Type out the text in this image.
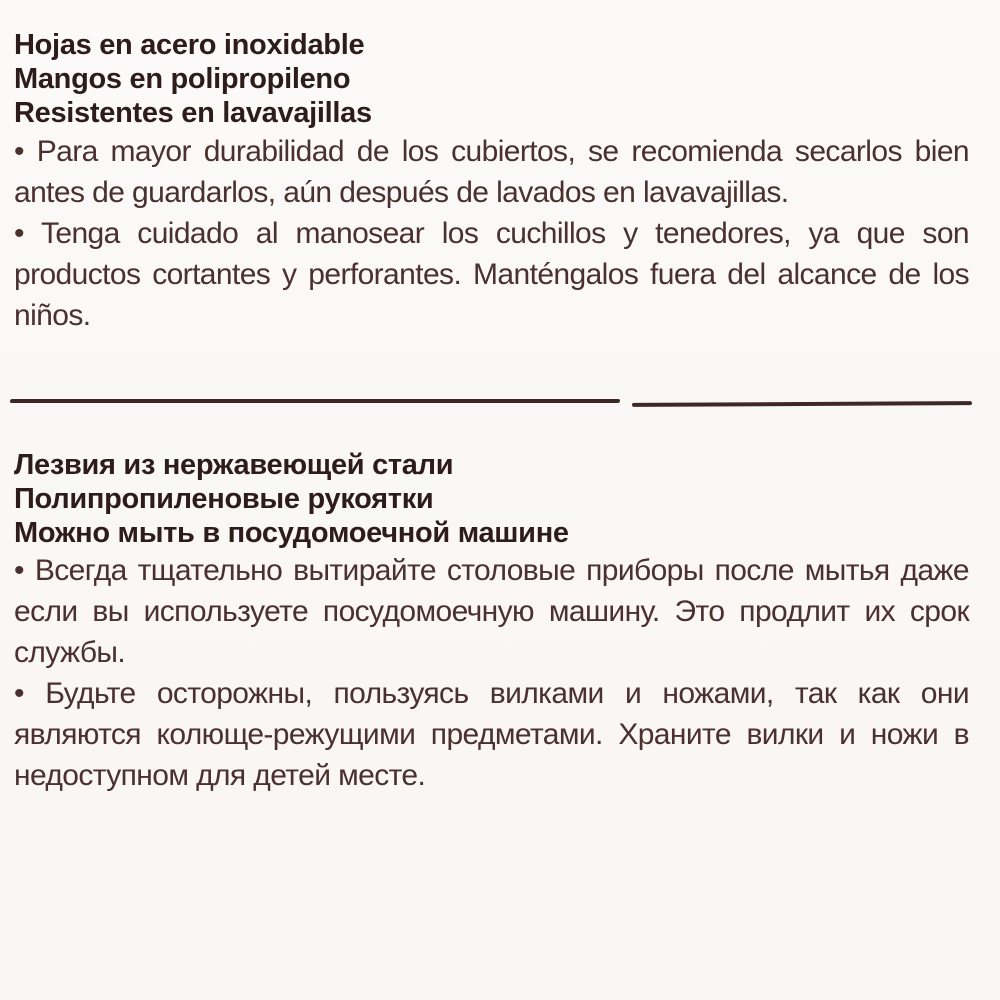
Hojas en acero inoxidable
Mangos en polipropileno
Resistentes en lavavajillas

• Para mayor durabilidad de los cubiertos, se recomienda secarlos bien antes de guardarlos, aún después de lavados en lavavajillas.

• Tenga cuidado al manosear los cuchillos y tenedores, ya que son productos cortantes y perforantes. Manténgalos fuera del alcance de los niños.

Лезвия из нержавеющей стали
Полипропиленовые рукоятки
Можно мыть в посудомоечной машине

• Всегда тщательно вытирайте столовые приборы после мытья даже если вы используете посудомоечную машину. Это продлит их срок службы.

• Будьте осторожны, пользуясь вилками и ножами, так как они являются колюще-режущими предметами. Храните вилки и ножи в недоступном для детей месте.
